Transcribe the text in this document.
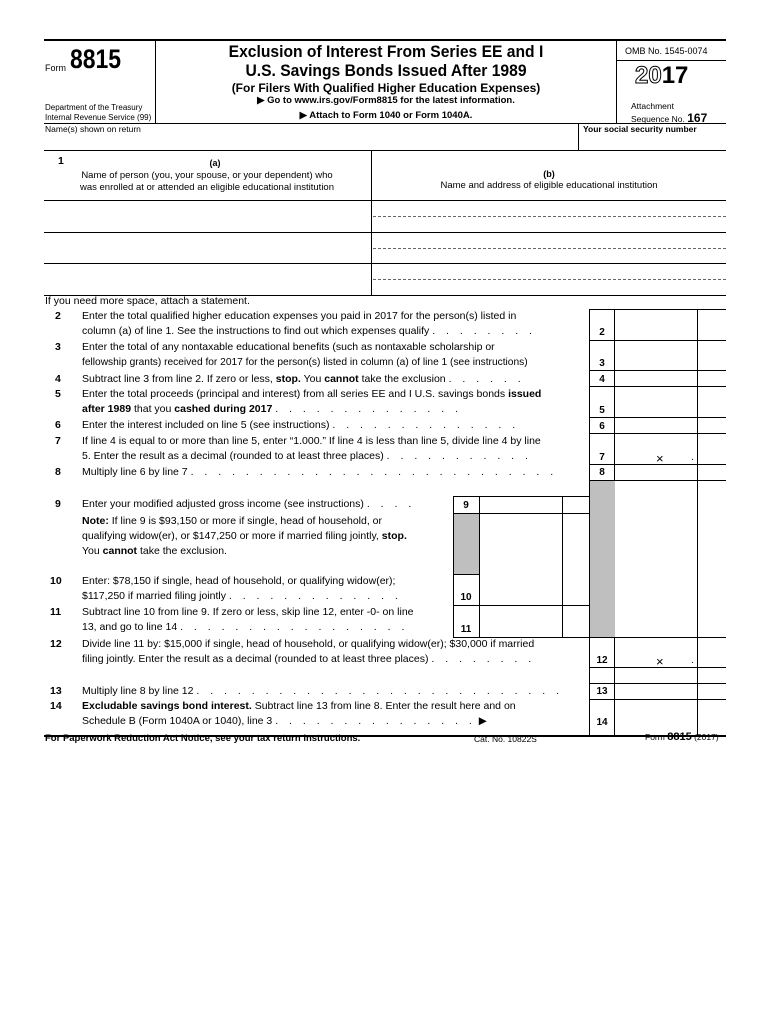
Form 8815
Department of the Treasury
Internal Revenue Service (99)
Exclusion of Interest From Series EE and I
U.S. Savings Bonds Issued After 1989
(For Filers With Qualified Higher Education Expenses)
▶ Go to www.irs.gov/Form8815 for the latest information.
▶ Attach to Form 1040 or Form 1040A.
OMB No. 1545-0074
2017
Attachment
Sequence No. 167
Name(s) shown on return	Your social security number
1	(a)
Name of person (you, your spouse, or your dependent) who
was enrolled at or attended an eligible educational institution
(b)
Name and address of eligible educational institution
If you need more space, attach a statement.
2
3
4
5
6
7
8
12
13
14
×	.
×	.
2 Enter the total qualified higher education expenses you paid in 2017 for the person(s) listed in
column (a) of line 1. See the instructions to find out which expenses qualify . . . . . . . .
3 Enter the total of any nontaxable educational benefits (such as nontaxable scholarship or
fellowship grants) received for 2017 for the person(s) listed in column (a) of line 1 (see instructions)
4 Subtract line 3 from line 2. If zero or less, stop. You cannot take the exclusion . . . . . .
5 Enter the total proceeds (principal and interest) from all series EE and I U.S. savings bonds issued
after 1989 that you cashed during 2017 . . . . . . . . . . . . . .
6 Enter the interest included on line 5 (see instructions) . . . . . . . . . . . . . .
7 If line 4 is equal to or more than line 5, enter “1.000.” If line 4 is less than line 5, divide line 4 by line
5. Enter the result as a decimal (rounded to at least three places) . . . . . . . . . . .
8 Multiply line 6 by line 7 . . . . . . . . . . . . . . . . . . . . . . . . . . .
9
10
11
9 Enter your modified adjusted gross income (see instructions) . . . .
Note: If line 9 is $93,150 or more if single, head of household, or
qualifying widow(er), or $147,250 or more if married filing jointly, stop.
You cannot take the exclusion.
10 Enter: $78,150 if single, head of household, or qualifying widow(er);
$117,250 if married filing jointly . . . . . . . . . . . . .
11 Subtract line 10 from line 9. If zero or less, skip line 12, enter -0- on line
13, and go to line 14 . . . . . . . . . . . . . . . . .
12 Divide line 11 by: $15,000 if single, head of household, or qualifying widow(er); $30,000 if married
filing jointly. Enter the result as a decimal (rounded to at least three places) . . . . . . . .
13 Multiply line 8 by line 12 . . . . . . . . . . . . . . . . . . . . . . . . . . .
14 Excludable savings bond interest. Subtract line 13 from line 8. Enter the result here and on
Schedule B (Form 1040A or 1040), line 3 . . . . . . . . . . . . . . . ▶
For Paperwork Reduction Act Notice, see your tax return instructions.	Cat. No. 10822S	Form 8815 (2017)
